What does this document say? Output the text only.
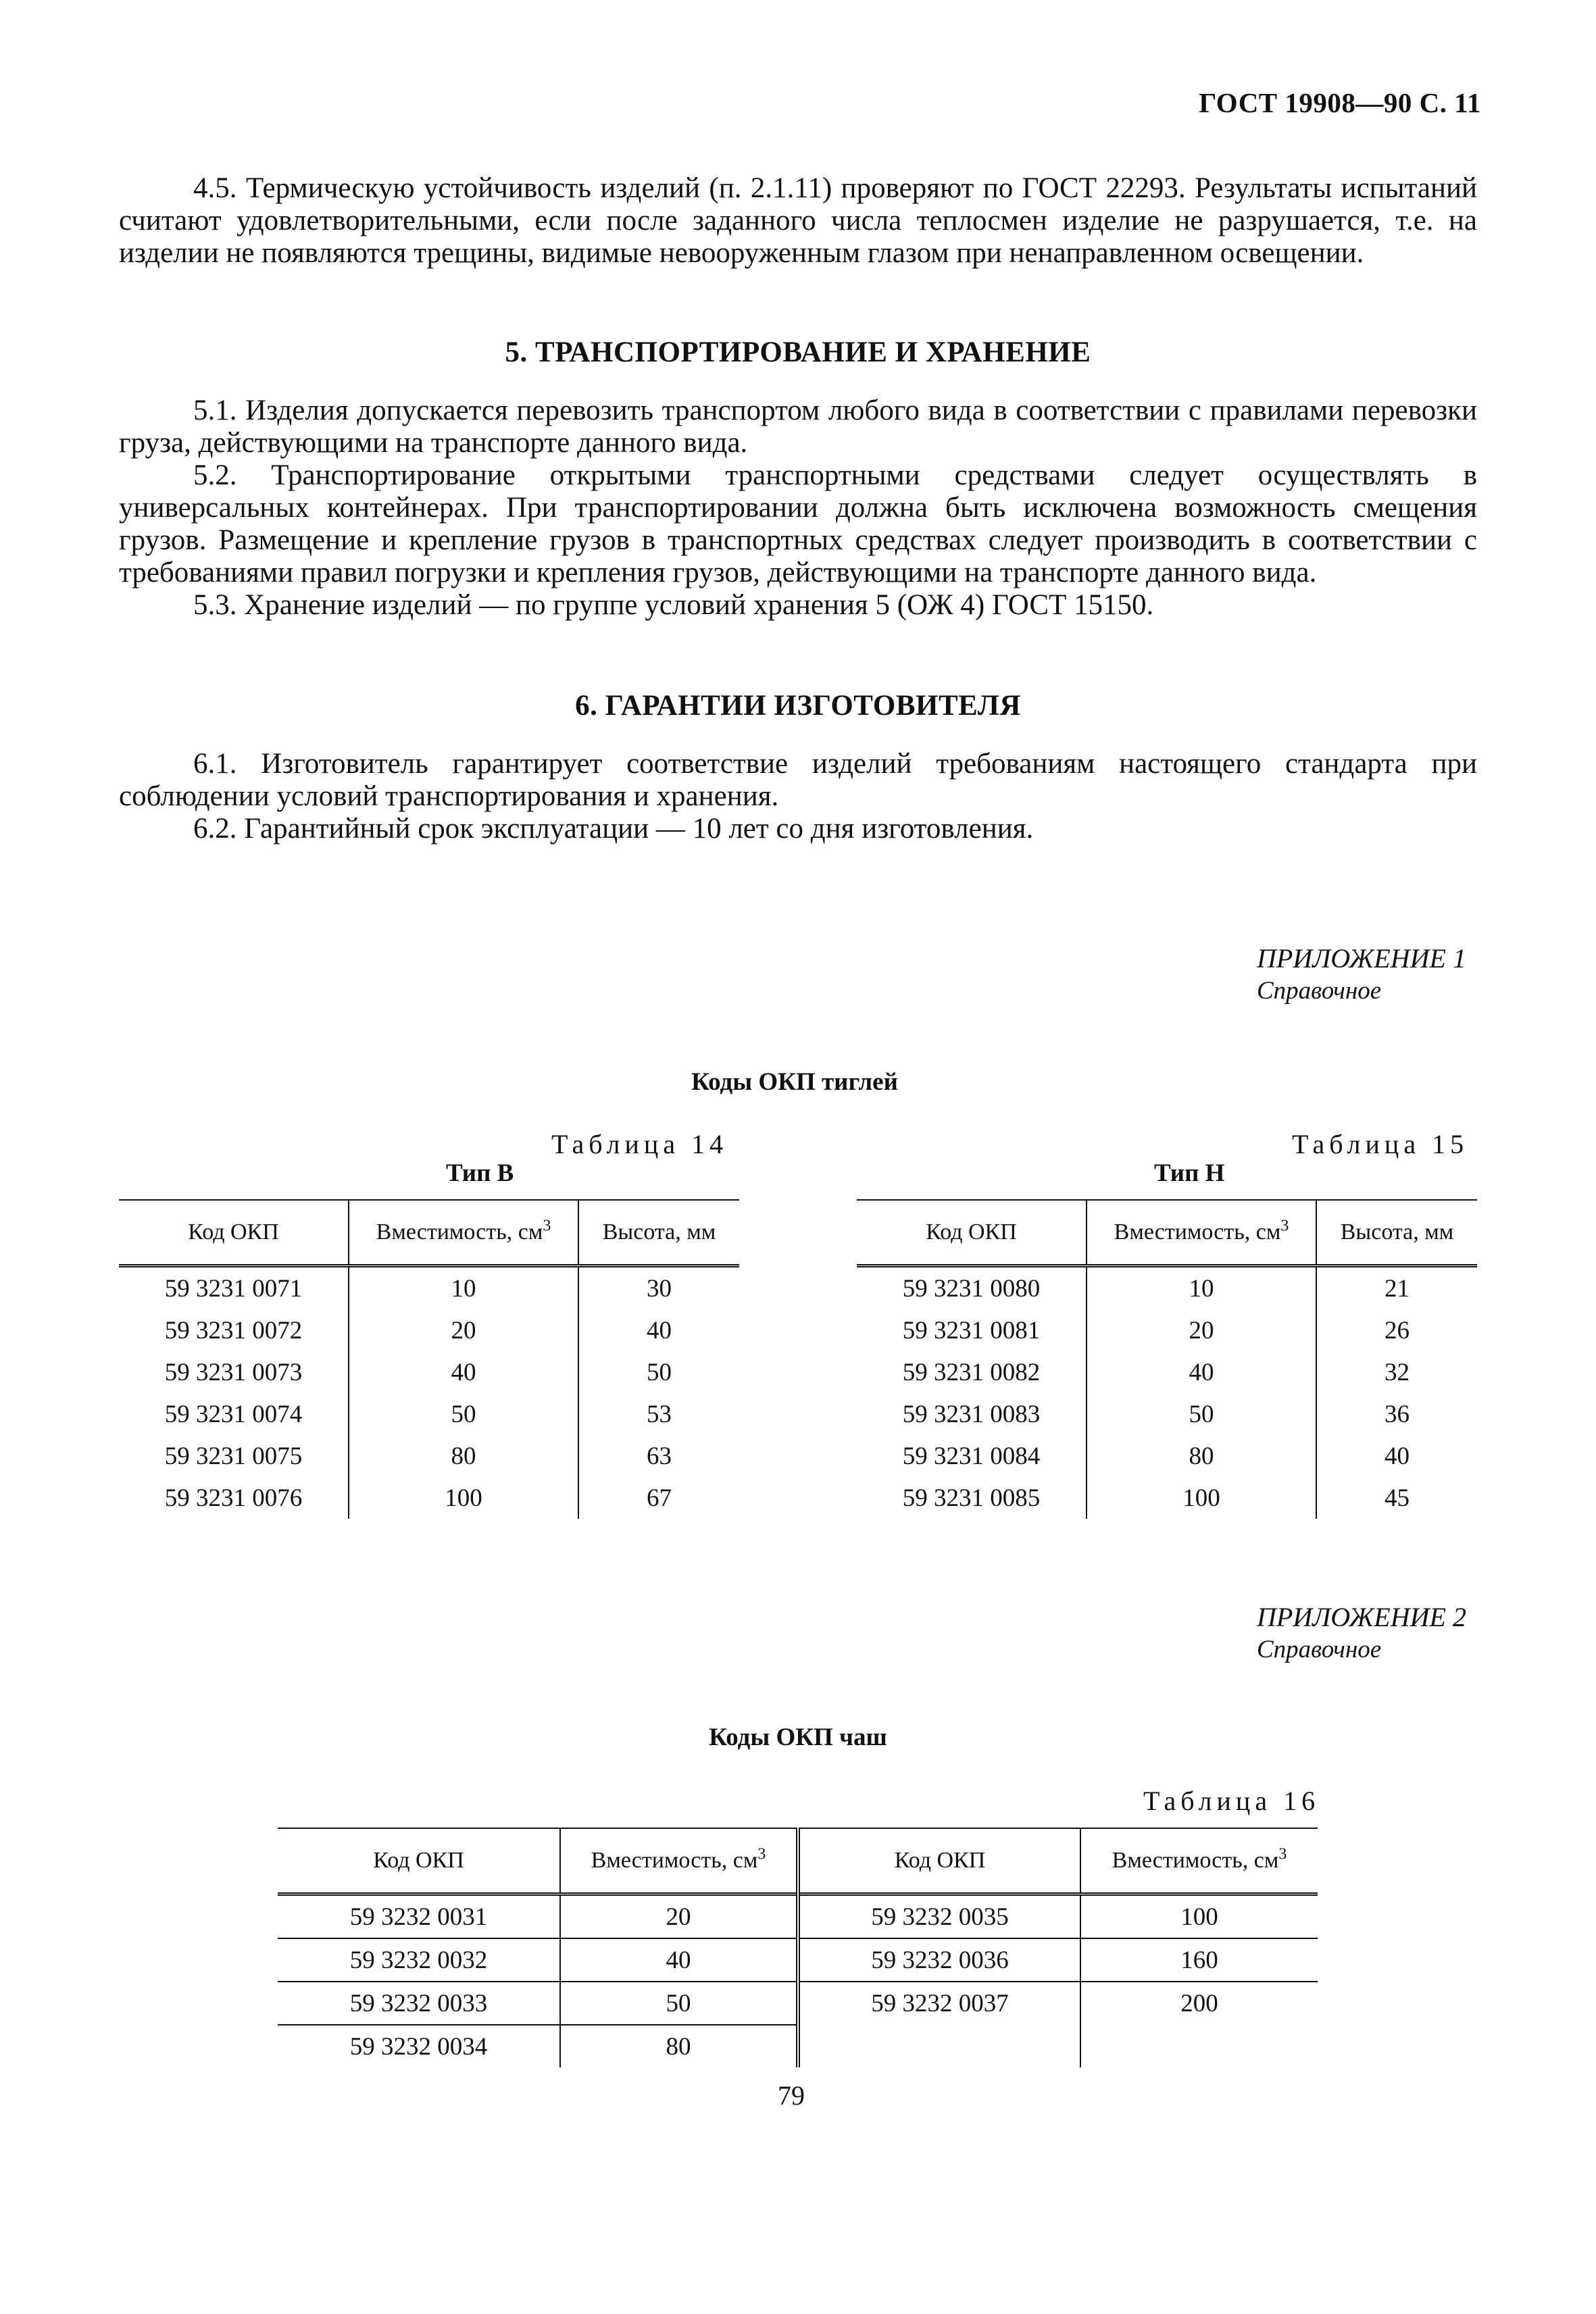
ГОСТ 19908—90 С. 11

4.5. Термическую устойчивость изделий (п. 2.1.11) проверяют по ГОСТ 22293. Результаты испытаний считают удовлетворительными, если после заданного числа теплосмен изделие не разрушается, т.е. на изделии не появляются трещины, видимые невооруженным глазом при ненаправленном освещении.

5. ТРАНСПОРТИРОВАНИЕ И ХРАНЕНИЕ

5.1. Изделия допускается перевозить транспортом любого вида в соответствии с правилами перевозки груза, действующими на транспорте данного вида.

5.2. Транспортирование открытыми транспортными средствами следует осуществлять в универсальных контейнерах. При транспортировании должна быть исключена возможность смещения грузов. Размещение и крепление грузов в транспортных средствах следует производить в соответствии с требованиями правил погрузки и крепления грузов, действующими на транспорте данного вида.

5.3. Хранение изделий — по группе условий хранения 5 (ОЖ 4) ГОСТ 15150.

6. ГАРАНТИИ ИЗГОТОВИТЕЛЯ

6.1. Изготовитель гарантирует соответствие изделий требованиям настоящего стандарта при соблюдении условий транспортирования и хранения.

6.2. Гарантийный срок эксплуатации — 10 лет со дня изготовления.

ПРИЛОЖЕНИЕ 1
Справочное
Коды ОКП тиглей
Таблица 14
Тип В
Код ОКП	Вместимость, $см^3$	Высота, мм
59 3231 0071	10	30
59 3231 0072	20	40
59 3231 0073	40	50
59 3231 0074	50	53
59 3231 0075	80	63
59 3231 0076	100	67
Таблица 15
Тип Н
Код ОКП	Вместимость, $см^3$	Высота, мм
59 3231 0080	10	21
59 3231 0081	20	26
59 3231 0082	40	32
59 3231 0083	50	36
59 3231 0084	80	40
59 3231 0085	100	45
ПРИЛОЖЕНИЕ 2
Справочное
Коды ОКП чаш
Таблица 16
Код ОКП	Вместимость, $см^3$	Код ОКП	Вместимость, $см^3$
59 3232 0031	20	59 3232 0035	100
59 3232 0032	40	59 3232 0036	160
59 3232 0033	50	59 3232 0037	200
59 3232 0034	80		
79
